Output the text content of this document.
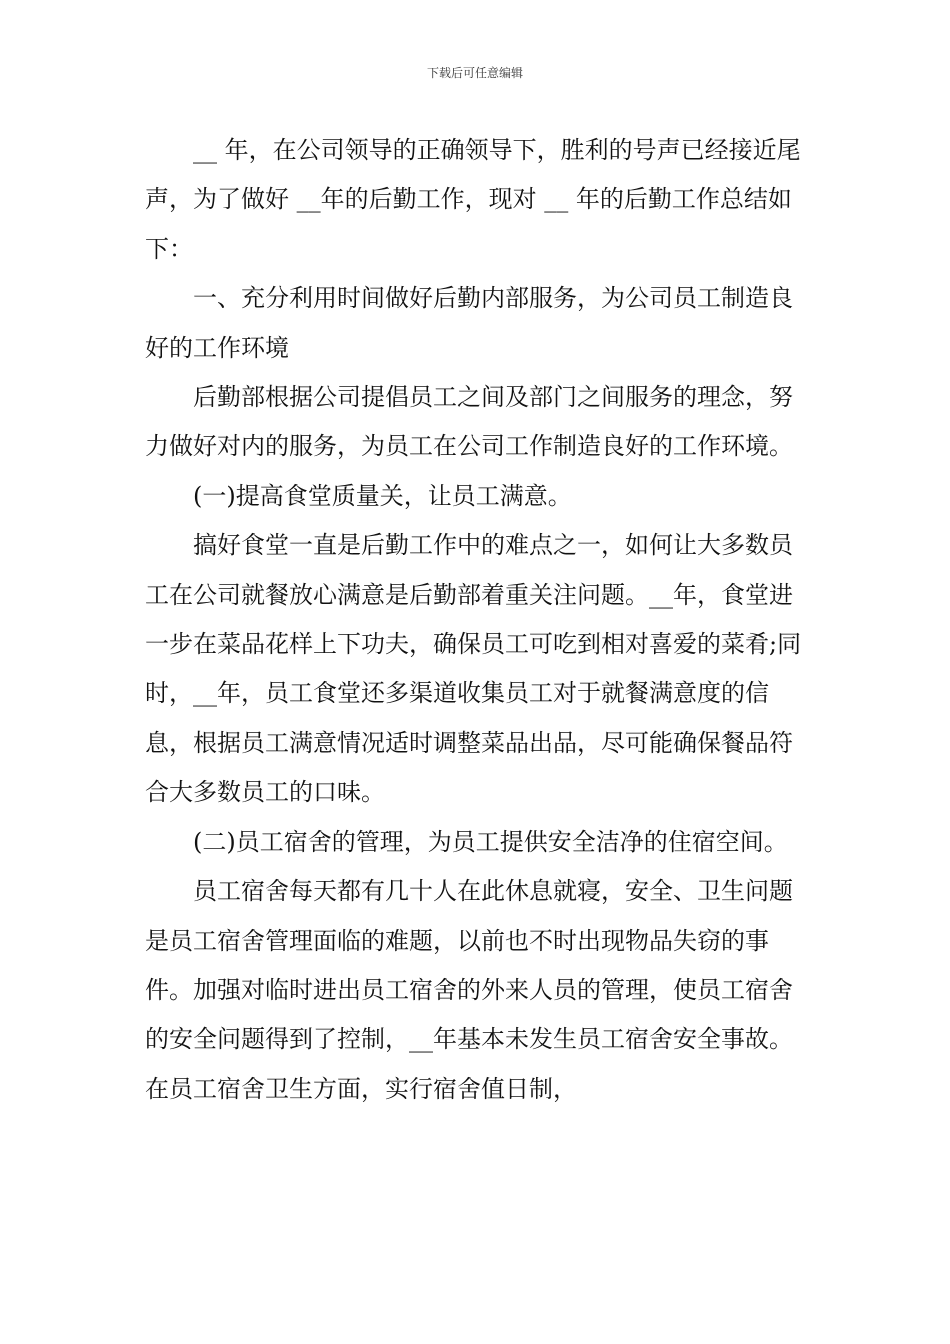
下载后可任意编辑

__ 年，在公司领导的正确领导下，胜利的号声已经接近尾声，为了做好 __年的后勤工作，现对 __ 年的后勤工作总结如下：

一、充分利用时间做好后勤内部服务，为公司员工制造良好的工作环境

后勤部根据公司提倡员工之间及部门之间服务的理念，努力做好对内的服务，为员工在公司工作制造良好的工作环境。

(一)提高食堂质量关，让员工满意。

搞好食堂一直是后勤工作中的难点之一，如何让大多数员工在公司就餐放心满意是后勤部着重关注问题。__年，食堂进一步在菜品花样上下功夫，确保员工可吃到相对喜爱的菜肴;同时，__年，员工食堂还多渠道收集员工对于就餐满意度的信息，根据员工满意情况适时调整菜品出品，尽可能确保餐品符合大多数员工的口味。

(二)员工宿舍的管理，为员工提供安全洁净的住宿空间。

员工宿舍每天都有几十人在此休息就寝，安全、卫生问题是员工宿舍管理面临的难题，以前也不时出现物品失窃的事件。加强对临时进出员工宿舍的外来人员的管理，使员工宿舍的安全问题得到了控制，__年基本未发生员工宿舍安全事故。在员工宿舍卫生方面，实行宿舍值日制，
